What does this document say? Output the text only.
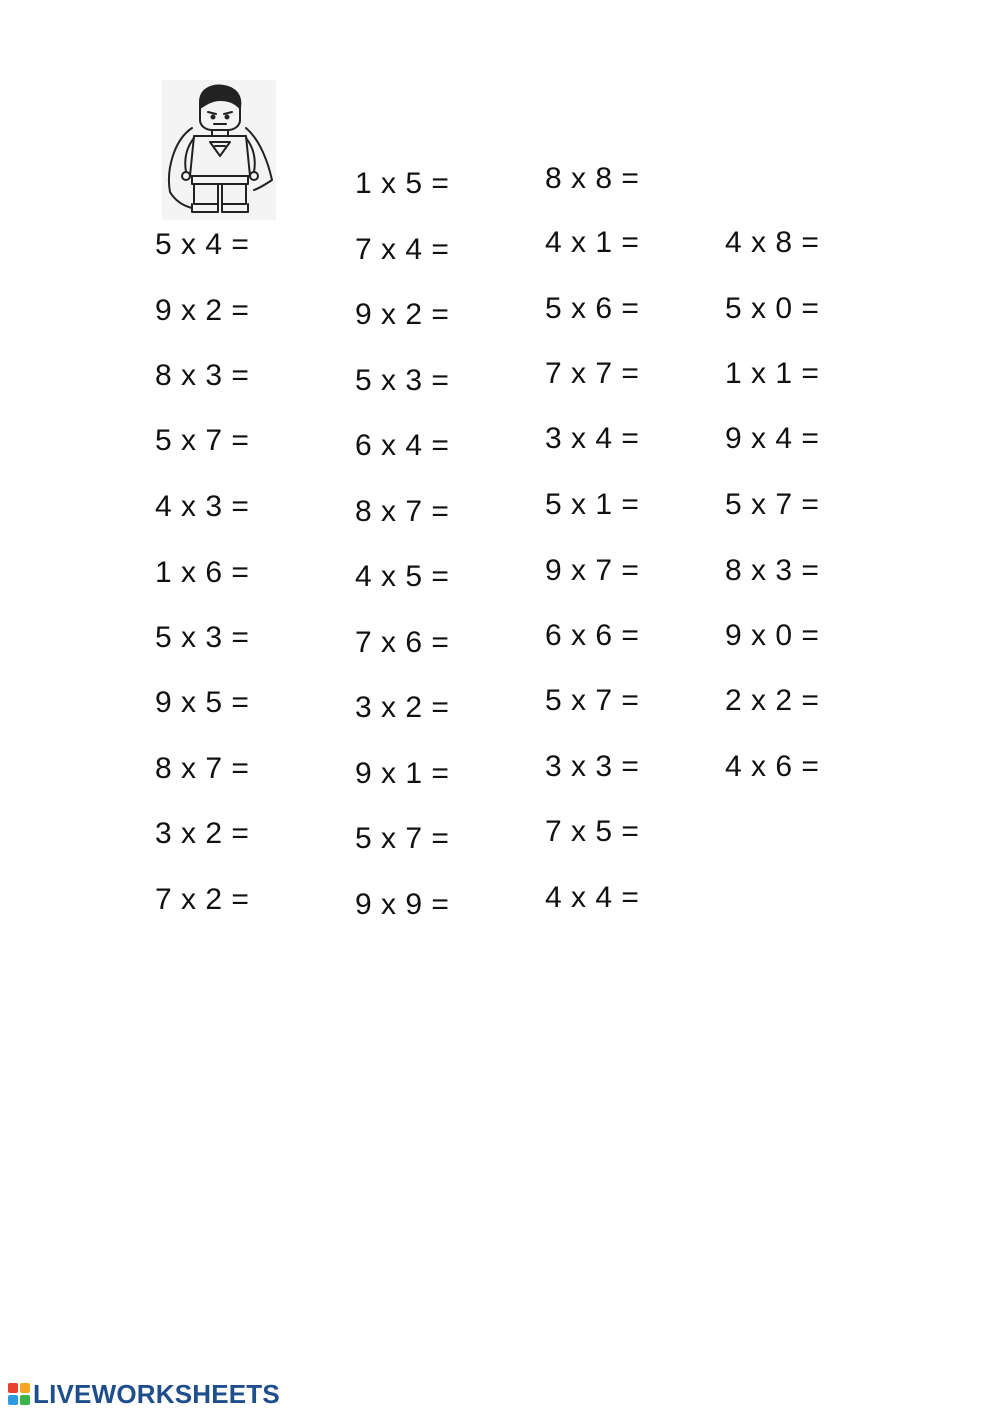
5 x 4 =
9 x 2 =
8 x 3 =
5 x 7 =
4 x 3 =
1 x 6 =
5 x 3 =
9 x 5 =
8 x 7 =
3 x 2 =
7 x 2 =
1 x 5 =
7 x 4 =
9 x 2 =
5 x 3 =
6 x 4 =
8 x 7 =
4 x 5 =
7 x 6 =
3 x 2 =
9 x 1 =
5 x 7 =
9 x 9 =
8 x 8 =
4 x 1 =
5 x 6 =
7 x 7 =
3 x 4 =
5 x 1 =
9 x 7 =
6 x 6 =
5 x 7 =
3 x 3 =
7 x 5 =
4 x 4 =
4 x 8 =
5 x 0 =
1 x 1 =
9 x 4 =
5 x 7 =
8 x 3 =
9 x 0 =
2 x 2 =
4 x 6 =
LIVEWORKSHEETS
